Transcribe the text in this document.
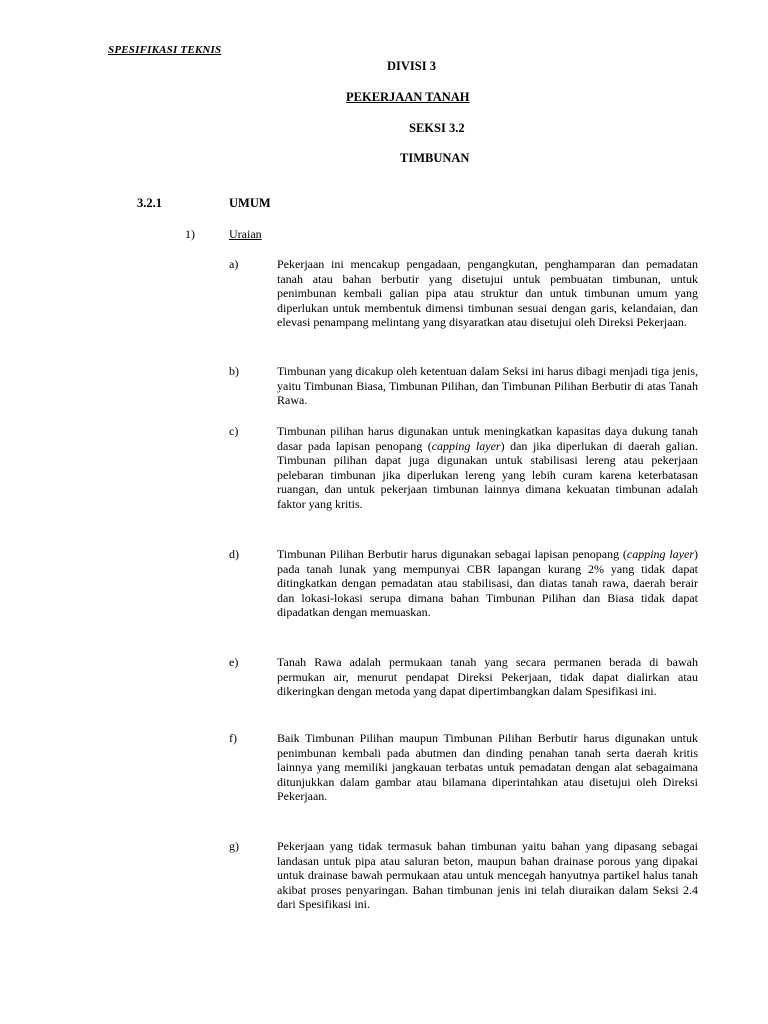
SPESIFIKASI TEKNIS
DIVISI 3
PEKERJAAN TANAH
SEKSI 3.2
TIMBUNAN
3.2.1	UMUM
1)	Uraian
a)	Pekerjaan ini mencakup pengadaan, pengangkutan, penghamparan dan pemadatan tanah atau bahan berbutir yang disetujui untuk pembuatan timbunan, untuk penimbunan kembali galian pipa atau struktur dan untuk timbunan umum yang diperlukan untuk membentuk dimensi timbunan sesuai dengan garis, kelandaian, dan elevasi penampang melintang yang disyaratkan atau disetujui oleh Direksi Pekerjaan.
b)	Timbunan yang dicakup oleh ketentuan dalam Seksi ini harus dibagi menjadi tiga jenis, yaitu Timbunan Biasa, Timbunan Pilihan, dan Timbunan Pilihan Berbutir di atas Tanah Rawa.
c)	Timbunan pilihan harus digunakan untuk meningkatkan kapasitas daya dukung tanah dasar pada lapisan penopang (capping layer) dan jika diperlukan di daerah galian. Timbunan pilihan dapat juga digunakan untuk stabilisasi lereng atau pekerjaan pelebaran timbunan jika diperlukan lereng yang lebih curam karena keterbatasan ruangan, dan untuk pekerjaan timbunan lainnya dimana kekuatan timbunan adalah faktor yang kritis.
d)	Timbunan Pilihan Berbutir harus digunakan sebagai lapisan penopang (capping layer) pada tanah lunak yang mempunyai CBR lapangan kurang 2% yang tidak dapat ditingkatkan dengan pemadatan atau stabilisasi, dan diatas tanah rawa, daerah berair dan lokasi-lokasi serupa dimana bahan Timbunan Pilihan dan Biasa tidak dapat dipadatkan dengan memuaskan.
e)	Tanah Rawa adalah permukaan tanah yang secara permanen berada di bawah permukan air, menurut pendapat Direksi Pekerjaan, tidak dapat dialirkan atau dikeringkan dengan metoda yang dapat dipertimbangkan dalam Spesifikasi ini.
f)	Baik Timbunan Pilihan maupun Timbunan Pilihan Berbutir harus digunakan untuk penimbunan kembali pada abutmen dan dinding penahan tanah serta daerah kritis lainnya yang memiliki jangkauan terbatas untuk pemadatan dengan alat sebagaimana ditunjukkan dalam gambar atau bilamana diperintahkan atau disetujui oleh Direksi Pekerjaan.
g)	Pekerjaan yang tidak termasuk bahan timbunan yaitu bahan yang dipasang sebagai landasan untuk pipa atau saluran beton, maupun bahan drainase porous yang dipakai untuk drainase bawah permukaan atau untuk mencegah hanyutnya partikel halus tanah akibat proses penyaringan. Bahan timbunan jenis ini telah diuraikan dalam Seksi 2.4 dari Spesifikasi ini.
